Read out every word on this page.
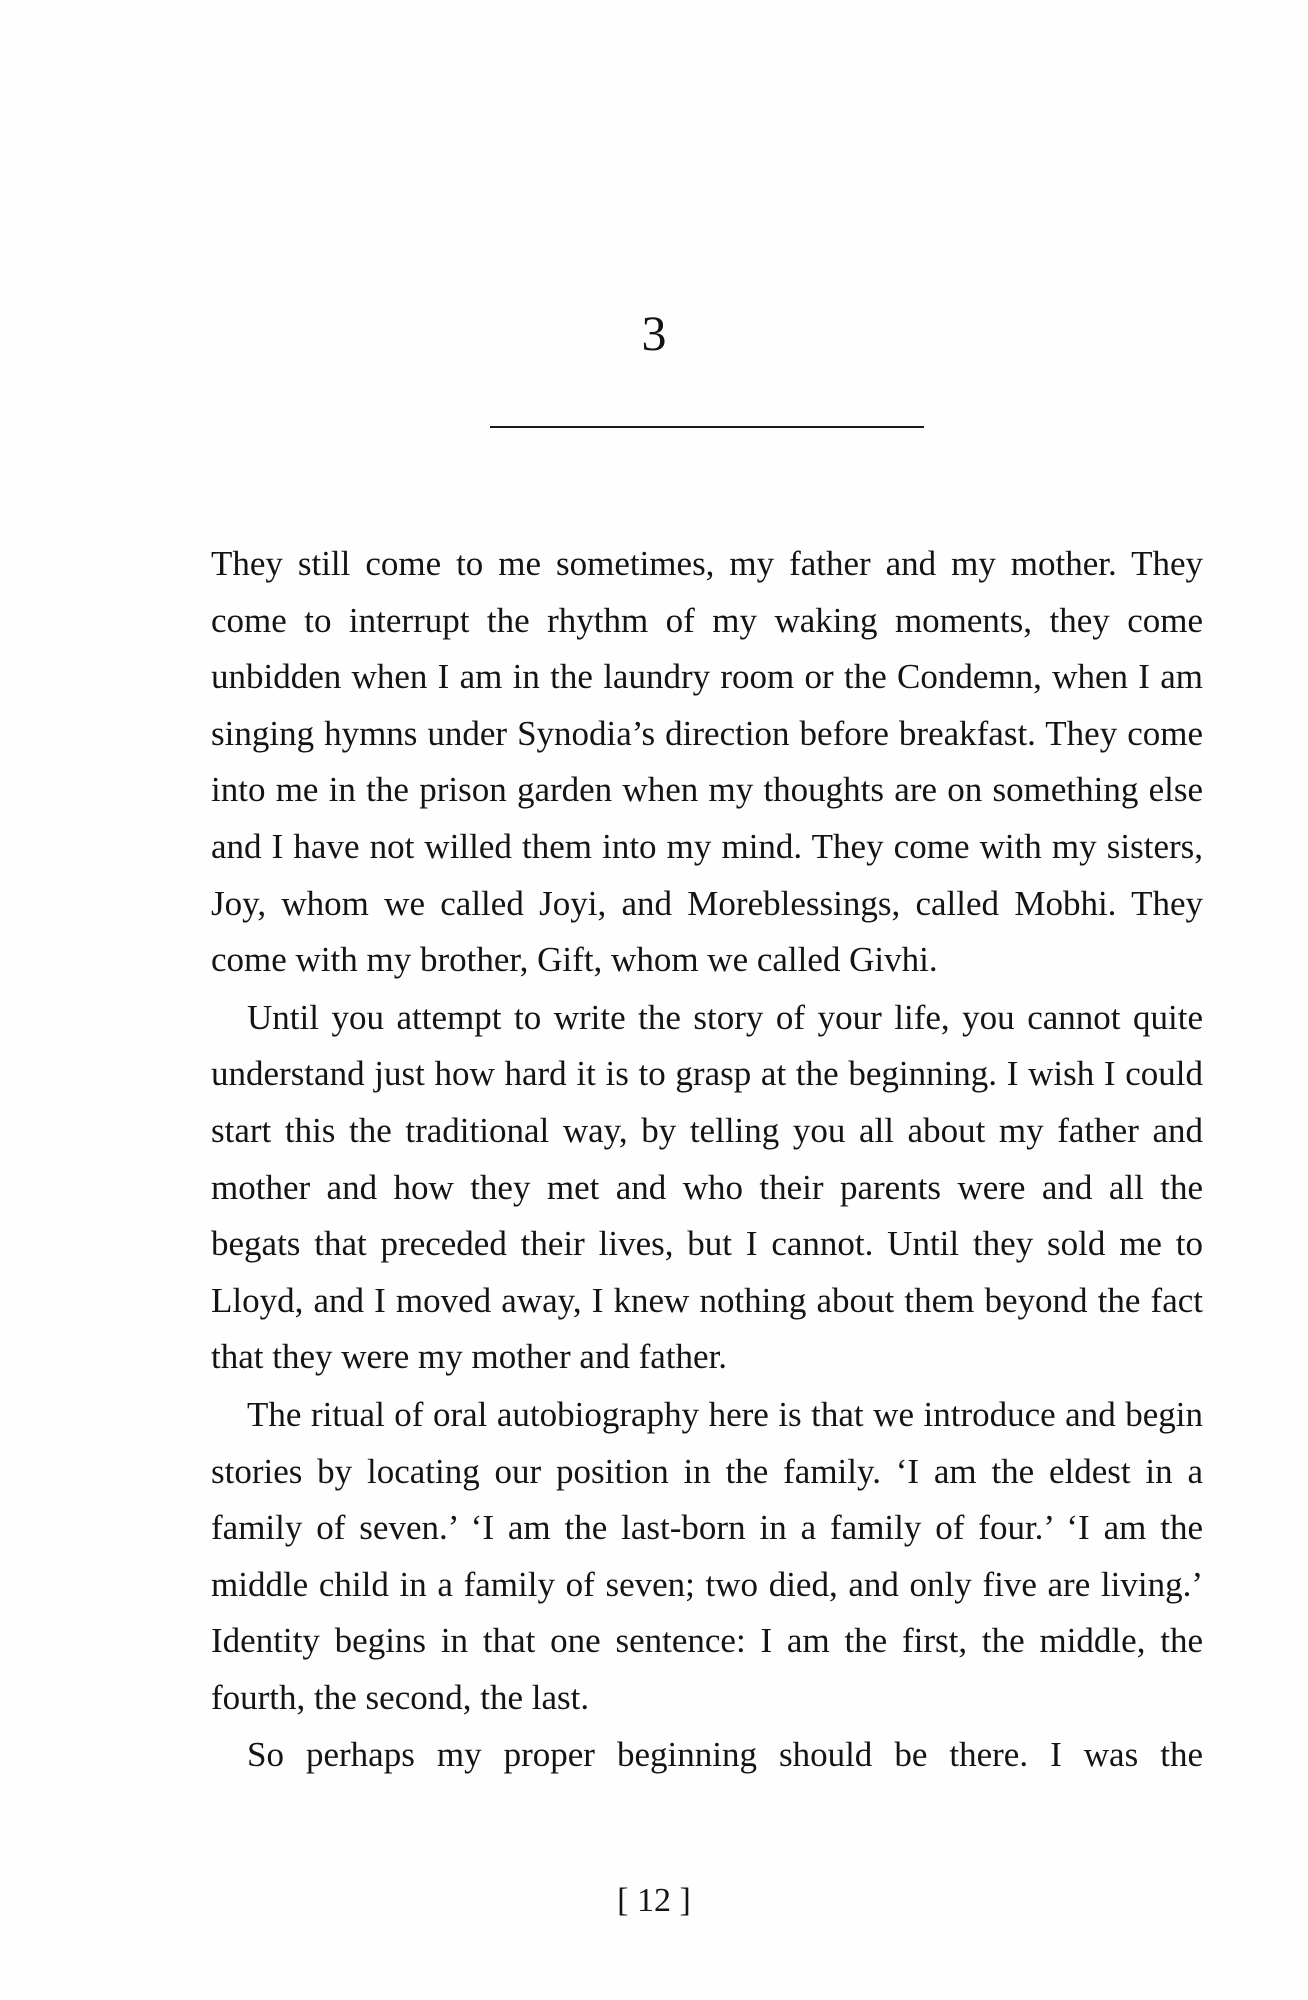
3

They still come to me sometimes, my father and my mother. They come to interrupt the rhythm of my waking moments, they come unbidden when I am in the laundry room or the Condemn, when I am singing hymns under Synodia’s direction before breakfast. They come into me in the prison garden when my thoughts are on something else and I have not willed them into my mind. They come with my sisters, Joy, whom we called Joyi, and Moreblessings, called Mobhi. They come with my brother, Gift, whom we called Givhi.

Until you attempt to write the story of your life, you cannot quite understand just how hard it is to grasp at the beginning. I wish I could start this the traditional way, by telling you all about my father and mother and how they met and who their parents were and all the begats that preceded their lives, but I cannot. Until they sold me to Lloyd, and I moved away, I knew nothing about them beyond the fact that they were my mother and father.

The ritual of oral autobiography here is that we introduce and begin stories by locating our position in the family. ‘I am the eldest in a family of seven.’ ‘I am the last-born in a family of four.’ ‘I am the middle child in a family of seven; two died, and only five are living.’ Identity begins in that one sentence: I am the first, the middle, the fourth, the second, the last.

So perhaps my proper beginning should be there. I was the

[ 12 ]
